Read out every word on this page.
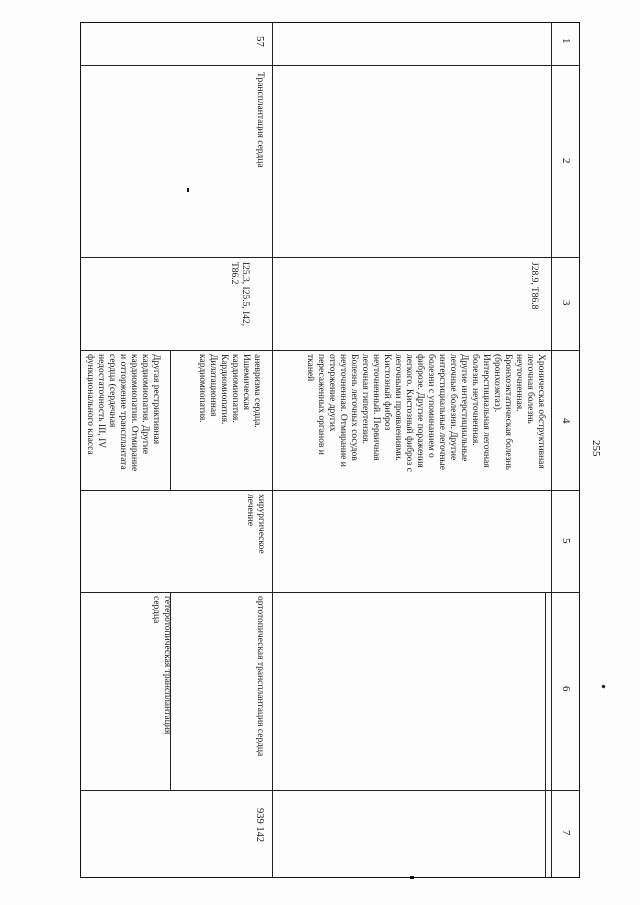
255
1
2
3
4
5
6
7
J28.9, T86.8
Хроническая обструктивная
легочная болезнь
неуточненная.
Бронхоэктатическая болезнь
(бронхоэктаз).
Интерстициальная легочная
болезнь неуточненная.
Другие интерстициальные
легочные болезни. Другие
интерстициальные легочные
болезни с упоминанием о
фиброзе. Другие поражения
легкого. Кистозный фиброз с
легочными проявлениями.
Кистозный фиброз
неуточненный. Первичная
легочная гипертензия.
Болезнь легочных сосудов
неуточненная. Отмирание и
отторжение других
пересаженных органов и
тканей
57
Трансплантация сердца
I25.3, I25.5, I42,
T86.2
аневризма сердца.
Ишемическая
кардиомиопатия.
Кардиомиопатия.
Дилатационная
кардиомиопатия.
Другая рестриктивная
кардиомиопатия. Другие
кардиомиопатии. Отмирание
и отторжение трансплантата
сердца (сердечная
недостаточность III, IV
функционального класса
хирургическое
лечение
ортотопическая трансплантация сердца
гетеротопическая трансплантация
сердца
939 142
